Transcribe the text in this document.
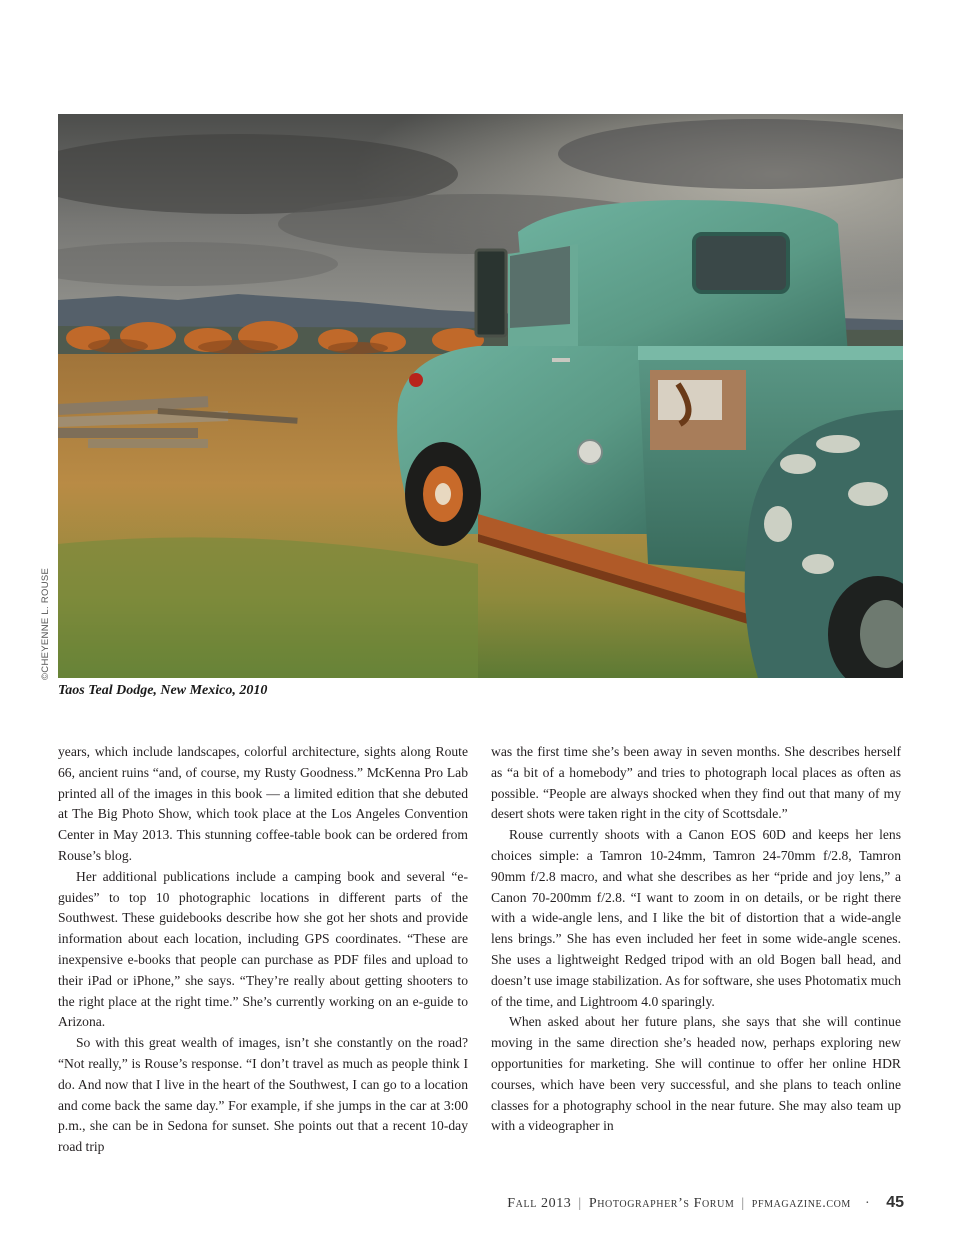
©CHEYENNE L. ROUSE
Taos Teal Dodge, New Mexico, 2010

years, which include landscapes, colorful architecture, sights along Route 66, ancient ruins “and, of course, my Rusty Goodness.” McKenna Pro Lab printed all of the images in this book — a limited edition that she debuted at The Big Photo Show, which took place at the Los Angeles Convention Center in May 2013. This stunning coffee-table book can be ordered from Rouse’s blog.

Her additional publications include a camping book and several “e-guides” to top 10 photographic locations in different parts of the Southwest. These guidebooks describe how she got her shots and provide information about each location, including GPS coordinates. “These are inexpensive e-books that people can purchase as PDF files and upload to their iPad or iPhone,” she says. “They’re really about getting shooters to the right place at the right time.” She’s currently working on an e-guide to Arizona.

So with this great wealth of images, isn’t she constantly on the road? “Not really,” is Rouse’s response. “I don’t travel as much as people think I do. And now that I live in the heart of the Southwest, I can go to a location and come back the same day.” For example, if she jumps in the car at 3:00 p.m., she can be in Sedona for sunset. She points out that a recent 10-day road trip

was the first time she’s been away in seven months. She describes herself as “a bit of a homebody” and tries to photograph local places as often as possible. “People are always shocked when they find out that many of my desert shots were taken right in the city of Scottsdale.”

Rouse currently shoots with a Canon EOS 60D and keeps her lens choices simple: a Tamron 10-24mm, Tamron 24-70mm f/2.8, Tamron 90mm f/2.8 macro, and what she describes as her “pride and joy lens,” a Canon 70-200mm f/2.8. “I want to zoom in on details, or be right there with a wide-angle lens, and I like the bit of distortion that a wide-angle lens brings.” She has even included her feet in some wide-angle scenes. She uses a lightweight Redged tripod with an old Bogen ball head, and doesn’t use image stabilization. As for software, she uses Photomatix much of the time, and Lightroom 4.0 sparingly.

When asked about her future plans, she says that she will continue moving in the same direction she’s headed now, perhaps exploring new opportunities for marketing. She will continue to offer her online HDR courses, which have been very successful, and she plans to teach online classes for a photography school in the near future. She may also team up with a videographer in

Fall 2013 | Photographer’s Forum | pfmagazine.com · 45
